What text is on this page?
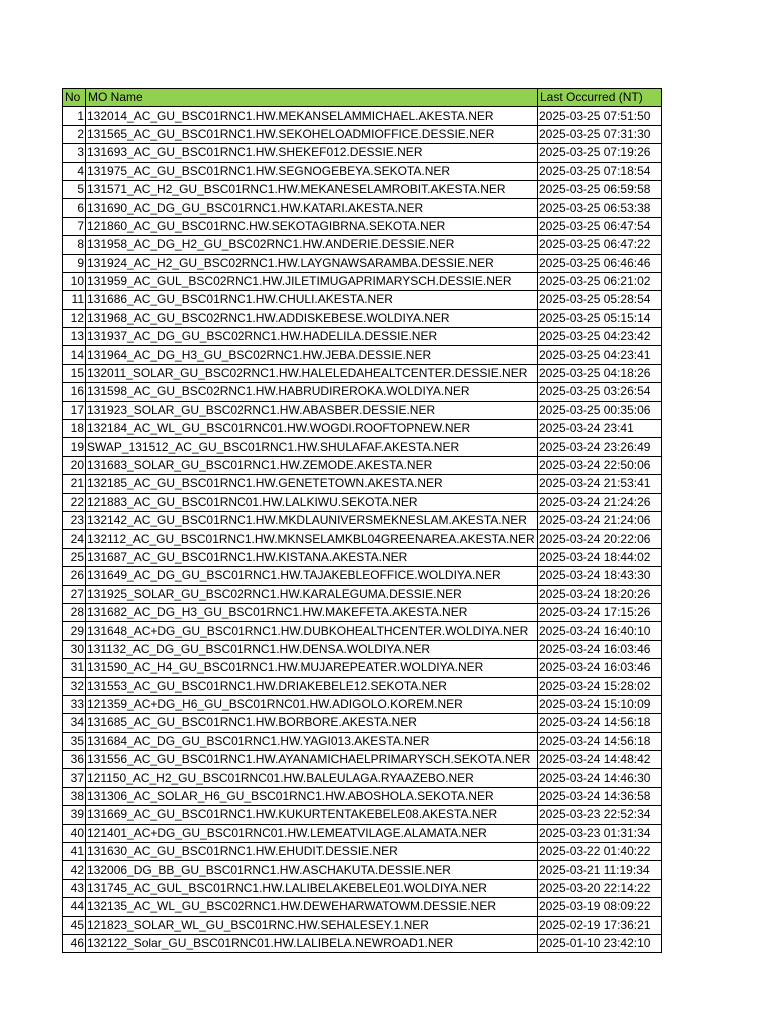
No	MO Name	Last Occurred (NT)
1	132014_AC_GU_BSC01RNC1.HW.MEKANSELAMMICHAEL.AKESTA.NER	2025-03-25 07:51:50
2	131565_AC_GU_BSC01RNC1.HW.SEKOHELOADMIOFFICE.DESSIE.NER	2025-03-25 07:31:30
3	131693_AC_GU_BSC01RNC1.HW.SHEKEF012.DESSIE.NER	2025-03-25 07:19:26
4	131975_AC_GU_BSC01RNC1.HW.SEGNOGEBEYA.SEKOTA.NER	2025-03-25 07:18:54
5	131571_AC_H2_GU_BSC01RNC1.HW.MEKANESELAMROBIT.AKESTA.NER	2025-03-25 06:59:58
6	131690_AC_DG_GU_BSC01RNC1.HW.KATARI.AKESTA.NER	2025-03-25 06:53:38
7	121860_AC_GU_BSC01RNC.HW.SEKOTAGIBRNA.SEKOTA.NER	2025-03-25 06:47:54
8	131958_AC_DG_H2_GU_BSC02RNC1.HW.ANDERIE.DESSIE.NER	2025-03-25 06:47:22
9	131924_AC_H2_GU_BSC02RNC1.HW.LAYGNAWSARAMBA.DESSIE.NER	2025-03-25 06:46:46
10	131959_AC_GUL_BSC02RNC1.HW.JILETIMUGAPRIMARYSCH.DESSIE.NER	2025-03-25 06:21:02
11	131686_AC_GU_BSC01RNC1.HW.CHULI.AKESTA.NER	2025-03-25 05:28:54
12	131968_AC_GU_BSC02RNC1.HW.ADDISKEBESE.WOLDIYA.NER	2025-03-25 05:15:14
13	131937_AC_DG_GU_BSC02RNC1.HW.HADELILA.DESSIE.NER	2025-03-25 04:23:42
14	131964_AC_DG_H3_GU_BSC02RNC1.HW.JEBA.DESSIE.NER	2025-03-25 04:23:41
15	132011_SOLAR_GU_BSC02RNC1.HW.HALELEDAHEALTCENTER.DESSIE.NER	2025-03-25 04:18:26
16	131598_AC_GU_BSC02RNC1.HW.HABRUDIREROKA.WOLDIYA.NER	2025-03-25 03:26:54
17	131923_SOLAR_GU_BSC02RNC1.HW.ABASBER.DESSIE.NER	2025-03-25 00:35:06
18	132184_AC_WL_GU_BSC01RNC01.HW.WOGDI.ROOFTOPNEW.NER	2025-03-24 23:41
19	SWAP_131512_AC_GU_BSC01RNC1.HW.SHULAFAF.AKESTA.NER	2025-03-24 23:26:49
20	131683_SOLAR_GU_BSC01RNC1.HW.ZEMODE.AKESTA.NER	2025-03-24 22:50:06
21	132185_AC_GU_BSC01RNC1.HW.GENETETOWN.AKESTA.NER	2025-03-24 21:53:41
22	121883_AC_GU_BSC01RNC01.HW.LALKIWU.SEKOTA.NER	2025-03-24 21:24:26
23	132142_AC_GU_BSC01RNC1.HW.MKDLAUNIVERSMEKNESLAM.AKESTA.NER	2025-03-24 21:24:06
24	132112_AC_GU_BSC01RNC1.HW.MKNSELAMKBL04GREENAREA.AKESTA.NER	2025-03-24 20:22:06
25	131687_AC_GU_BSC01RNC1.HW.KISTANA.AKESTA.NER	2025-03-24 18:44:02
26	131649_AC_DG_GU_BSC01RNC1.HW.TAJAKEBLEOFFICE.WOLDIYA.NER	2025-03-24 18:43:30
27	131925_SOLAR_GU_BSC02RNC1.HW.KARALEGUMA.DESSIE.NER	2025-03-24 18:20:26
28	131682_AC_DG_H3_GU_BSC01RNC1.HW.MAKEFETA.AKESTA.NER	2025-03-24 17:15:26
29	131648_AC+DG_GU_BSC01RNC1.HW.DUBKOHEALTHCENTER.WOLDIYA.NER	2025-03-24 16:40:10
30	131132_AC_DG_GU_BSC01RNC1.HW.DENSA.WOLDIYA.NER	2025-03-24 16:03:46
31	131590_AC_H4_GU_BSC01RNC1.HW.MUJAREPEATER.WOLDIYA.NER	2025-03-24 16:03:46
32	131553_AC_GU_BSC01RNC1.HW.DRIAKEBELE12.SEKOTA.NER	2025-03-24 15:28:02
33	121359_AC+DG_H6_GU_BSC01RNC01.HW.ADIGOLO.KOREM.NER	2025-03-24 15:10:09
34	131685_AC_GU_BSC01RNC1.HW.BORBORE.AKESTA.NER	2025-03-24 14:56:18
35	131684_AC_DG_GU_BSC01RNC1.HW.YAGI013.AKESTA.NER	2025-03-24 14:56:18
36	131556_AC_GU_BSC01RNC1.HW.AYANAMICHAELPRIMARYSCH.SEKOTA.NER	2025-03-24 14:48:42
37	121150_AC_H2_GU_BSC01RNC01.HW.BALEULAGA.RYAAZEBO.NER	2025-03-24 14:46:30
38	131306_AC_SOLAR_H6_GU_BSC01RNC1.HW.ABOSHOLA.SEKOTA.NER	2025-03-24 14:36:58
39	131669_AC_GU_BSC01RNC1.HW.KUKURTENTAKEBELE08.AKESTA.NER	2025-03-23 22:52:34
40	121401_AC+DG_GU_BSC01RNC01.HW.LEMEATVILAGE.ALAMATA.NER	2025-03-23 01:31:34
41	131630_AC_GU_BSC01RNC1.HW.EHUDIT.DESSIE.NER	2025-03-22 01:40:22
42	132006_DG_BB_GU_BSC01RNC1.HW.ASCHAKUTA.DESSIE.NER	2025-03-21 11:19:34
43	131745_AC_GUL_BSC01RNC1.HW.LALIBELAKEBELE01.WOLDIYA.NER	2025-03-20 22:14:22
44	132135_AC_WL_GU_BSC02RNC1.HW.DEWEHARWATOWM.DESSIE.NER	2025-03-19 08:09:22
45	121823_SOLAR_WL_GU_BSC01RNC.HW.SEHALESEY.1.NER	2025-02-19 17:36:21
46	132122_Solar_GU_BSC01RNC01.HW.LALIBELA.NEWROAD1.NER	2025-01-10 23:42:10
